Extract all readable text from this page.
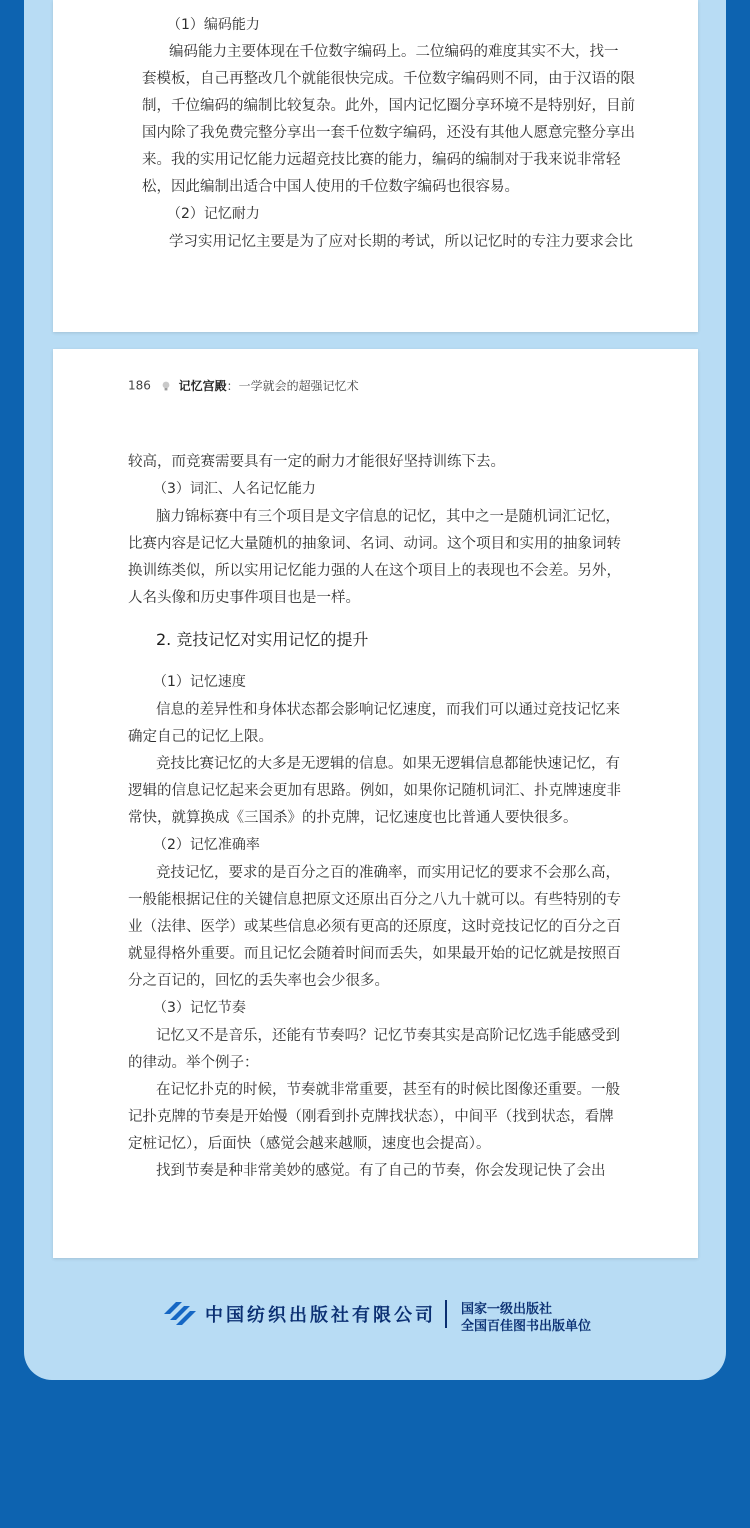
（1）编码能力

编码能力主要体现在千位数字编码上。二位编码的难度其实不大，找一

套模板，自己再整改几个就能很快完成。千位数字编码则不同，由于汉语的限

制，千位编码的编制比较复杂。此外，国内记忆圈分享环境不是特别好，目前

国内除了我免费完整分享出一套千位数字编码，还没有其他人愿意完整分享出

来。我的实用记忆能力远超竞技比赛的能力，编码的编制对于我来说非常轻

松，因此编制出适合中国人使用的千位数字编码也很容易。

（2）记忆耐力

学习实用记忆主要是为了应对长期的考试，所以记忆时的专注力要求会比

186 记忆宫殿：一学就会的超强记忆术

较高，而竞赛需要具有一定的耐力才能很好坚持训练下去。

（3）词汇、人名记忆能力

脑力锦标赛中有三个项目是文字信息的记忆，其中之一是随机词汇记忆，

比赛内容是记忆大量随机的抽象词、名词、动词。这个项目和实用的抽象词转

换训练类似，所以实用记忆能力强的人在这个项目上的表现也不会差。另外，

人名头像和历史事件项目也是一样。

2. 竞技记忆对实用记忆的提升

（1）记忆速度

信息的差异性和身体状态都会影响记忆速度，而我们可以通过竞技记忆来

确定自己的记忆上限。

竞技比赛记忆的大多是无逻辑的信息。如果无逻辑信息都能快速记忆，有

逻辑的信息记忆起来会更加有思路。例如，如果你记随机词汇、扑克牌速度非

常快，就算换成《三国杀》的扑克牌，记忆速度也比普通人要快很多。

（2）记忆准确率

竞技记忆，要求的是百分之百的准确率，而实用记忆的要求不会那么高，

一般能根据记住的关键信息把原文还原出百分之八九十就可以。有些特别的专

业（法律、医学）或某些信息必须有更高的还原度，这时竞技记忆的百分之百

就显得格外重要。而且记忆会随着时间而丢失，如果最开始的记忆就是按照百

分之百记的，回忆的丢失率也会少很多。

（3）记忆节奏

记忆又不是音乐，还能有节奏吗？记忆节奏其实是高阶记忆选手能感受到

的律动。举个例子：

在记忆扑克的时候，节奏就非常重要，甚至有的时候比图像还重要。一般

记扑克牌的节奏是开始慢（刚看到扑克牌找状态），中间平（找到状态，看牌

定桩记忆），后面快（感觉会越来越顺，速度也会提高）。

找到节奏是种非常美妙的感觉。有了自己的节奏，你会发现记快了会出

中国纺织出版社有限公司 国家一级出版社
全国百佳图书出版单位
